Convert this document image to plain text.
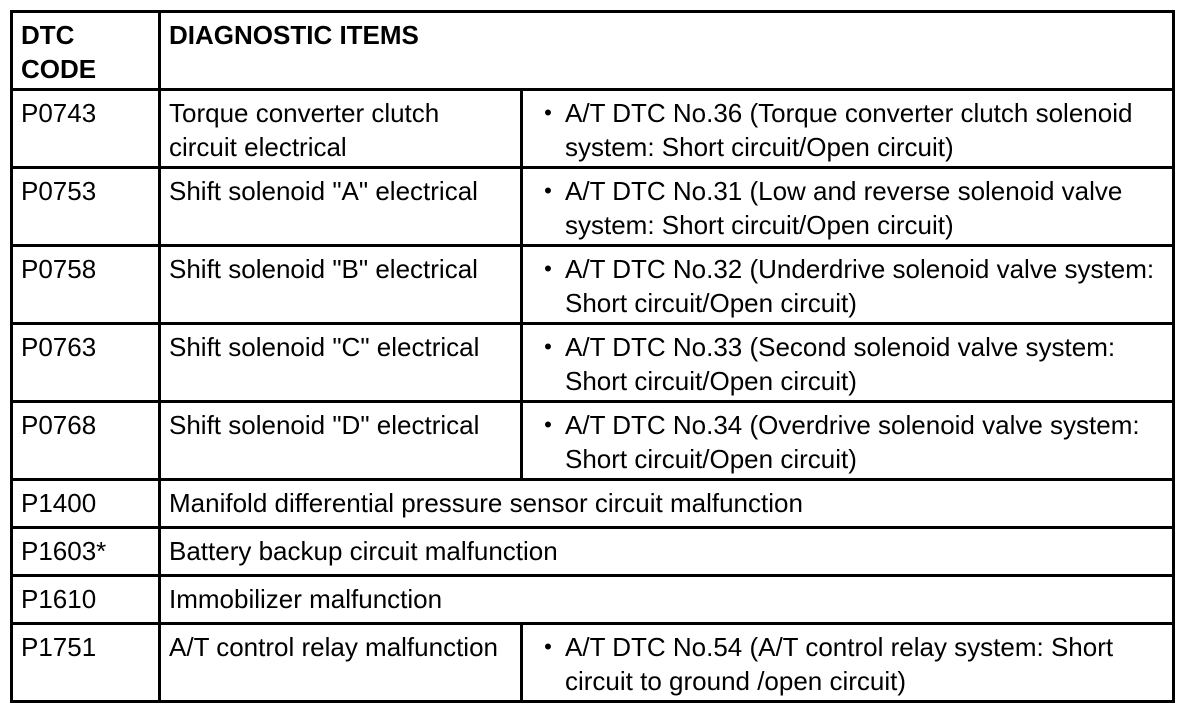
DTC CODE	DIAGNOSTIC ITEMS	
P0743	Torque converter clutch circuit electrical	• A/T DTC No.36 (Torque converter clutch solenoid system: Short circuit/Open circuit)

P0753	Shift solenoid "A" electrical	• A/T DTC No.31 (Low and reverse solenoid valve system: Short circuit/Open circuit)

P0758	Shift solenoid "B" electrical	• A/T DTC No.32 (Underdrive solenoid valve system: Short circuit/Open circuit)

P0763	Shift solenoid "C" electrical	• A/T DTC No.33 (Second solenoid valve system: Short circuit/Open circuit)

P0768	Shift solenoid "D" electrical	• A/T DTC No.34 (Overdrive solenoid valve system: Short circuit/Open circuit)

P1400	Manifold differential pressure sensor circuit malfunction	
P1603*	Battery backup circuit malfunction	
P1610	Immobilizer malfunction	
P1751	A/T control relay malfunction	• A/T DTC No.54 (A/T control relay system: Short circuit to ground /open circuit)
